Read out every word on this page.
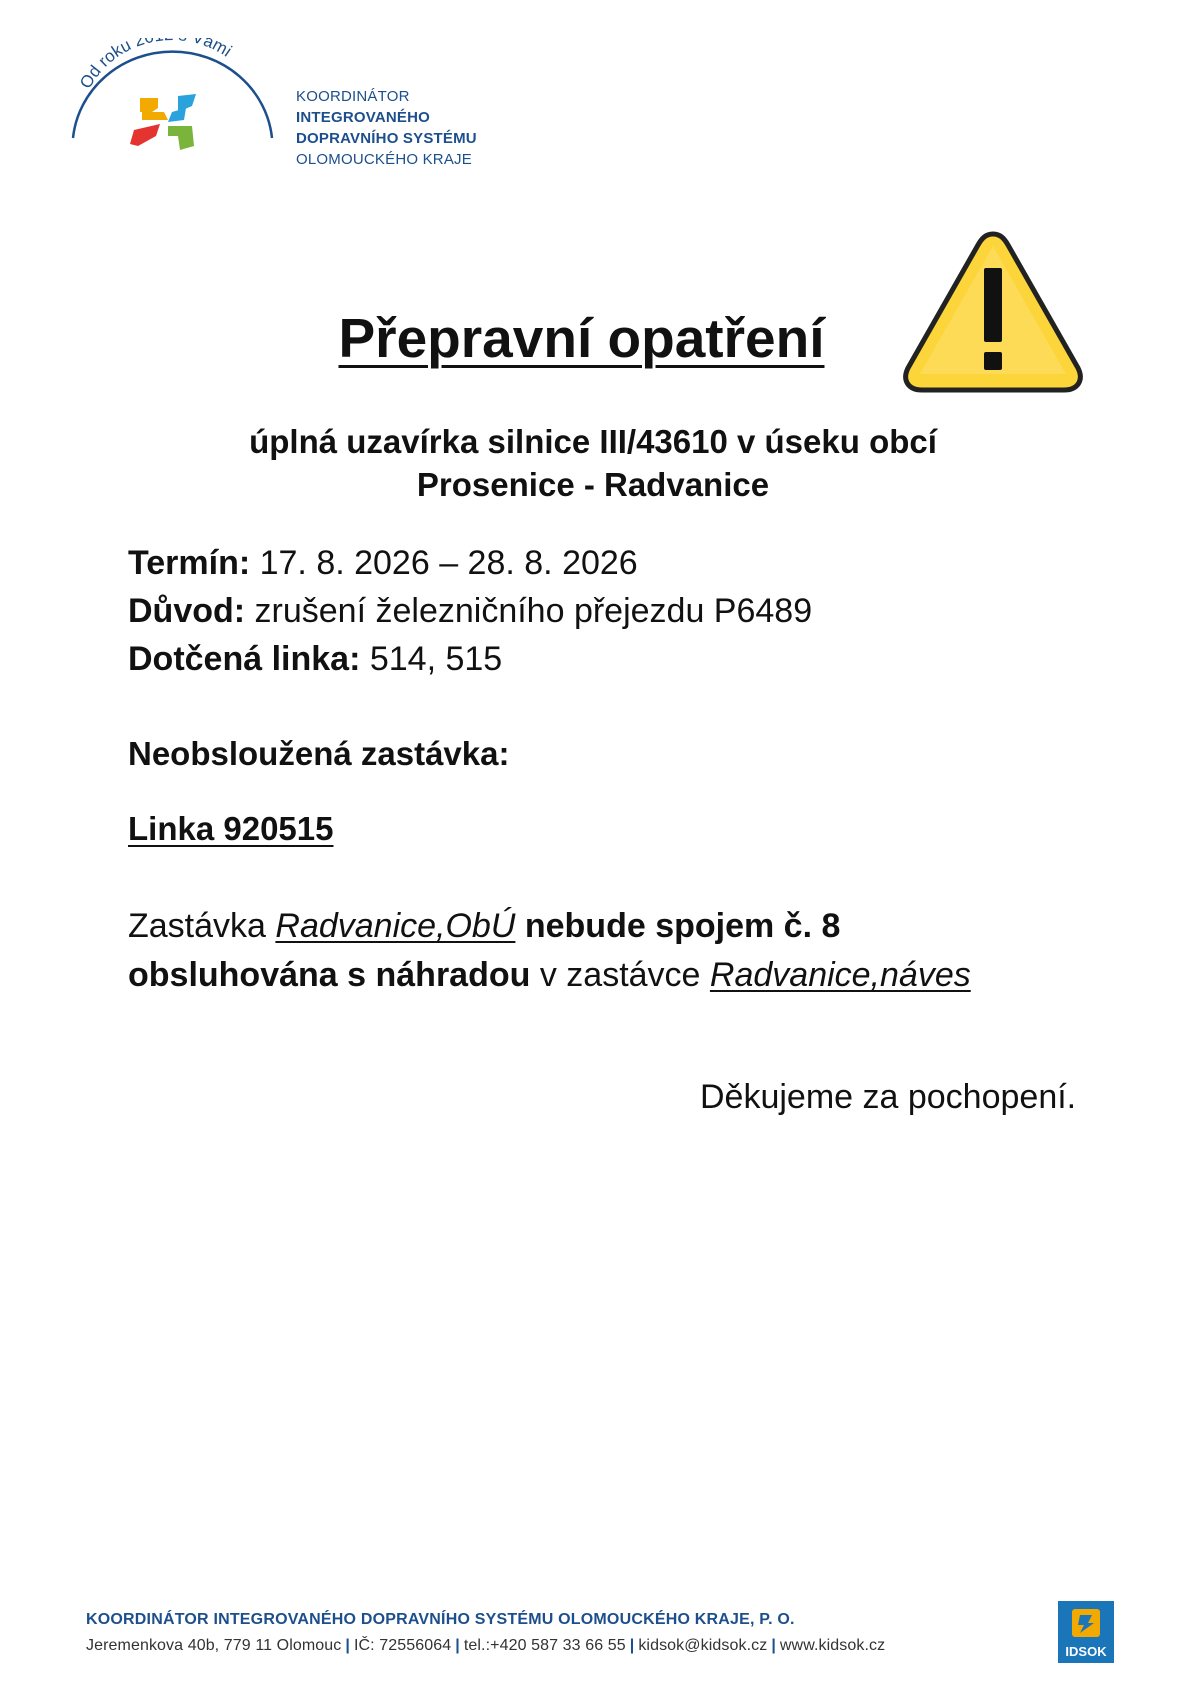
Od roku 2 ámi
KOORDINÁTOR
INTEGROVANÉHO
DOPRAVNÍHO SYSTÉMU
OLOMOUCKÉHO KRAJE
Přepravní opatření
úplná uzavírka silnice III/43610 v úseku obcí
Prosenice - Radvanice
Termín: 17. 8. 2026 – 28. 8. 2026
Důvod: zrušení železničního přejezdu P6489
Dotčená linka: 514, 515
Neobsloužená zastávka:
Linka 920515
Zastávka Radvanice,ObÚ nebude spojem č. 8
obsluhována s náhradou v zastávce Radvanice,náves
Děkujeme za pochopení.
KOORDINÁTOR INTEGROVANÉHO DOPRAVNÍHO SYSTÉMU OLOMOUCKÉHO KRAJE, P. O.
Jeremenkova 40b, 779 11 Olomouc | IČ: 72556064 | tel.:+420 587 33 66 55 | kidsok@kidsok.cz | www.kidsok.cz	IDSOK
